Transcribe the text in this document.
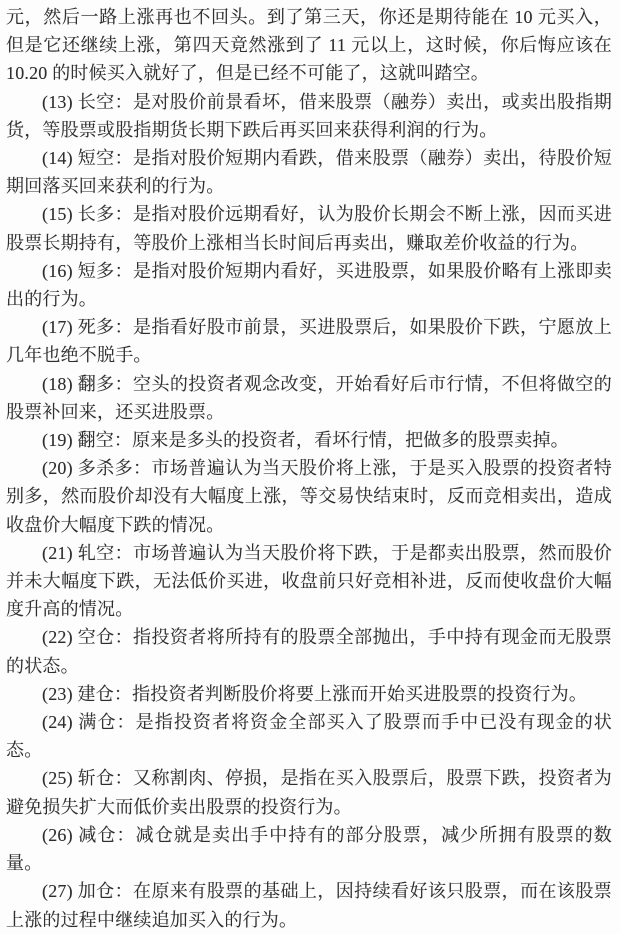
元，然后一路上涨再也不回头。到了第三天，你还是期待能在 10 元买入，但是它还继续上涨，第四天竟然涨到了 11 元以上，这时候，你后悔应该在 10.20 的时候买入就好了，但是已经不可能了，这就叫踏空。

(13) 长空：是对股价前景看坏，借来股票（融券）卖出，或卖出股指期货，等股票或股指期货长期下跌后再买回来获得利润的行为。

(14) 短空：是指对股价短期内看跌，借来股票（融券）卖出，待股价短期回落买回来获利的行为。

(15) 长多：是指对股价远期看好，认为股价长期会不断上涨，因而买进股票长期持有，等股价上涨相当长时间后再卖出，赚取差价收益的行为。

(16) 短多：是指对股价短期内看好，买进股票，如果股价略有上涨即卖出的行为。

(17) 死多：是指看好股市前景，买进股票后，如果股价下跌，宁愿放上几年也绝不脱手。

(18) 翻多：空头的投资者观念改变，开始看好后市行情，不但将做空的股票补回来，还买进股票。

(19) 翻空：原来是多头的投资者，看坏行情，把做多的股票卖掉。

(20) 多杀多：市场普遍认为当天股价将上涨，于是买入股票的投资者特别多，然而股价却没有大幅度上涨，等交易快结束时，反而竞相卖出，造成收盘价大幅度下跌的情况。

(21) 轧空：市场普遍认为当天股价将下跌，于是都卖出股票，然而股价并未大幅度下跌，无法低价买进，收盘前只好竞相补进，反而使收盘价大幅度升高的情况。

(22) 空仓：指投资者将所持有的股票全部抛出，手中持有现金而无股票的状态。

(23) 建仓：指投资者判断股价将要上涨而开始买进股票的投资行为。

(24) 满仓：是指投资者将资金全部买入了股票而手中已没有现金的状态。

(25) 斩仓：又称割肉、停损，是指在买入股票后，股票下跌，投资者为避免损失扩大而低价卖出股票的投资行为。

(26) 减仓：减仓就是卖出手中持有的部分股票，减少所拥有股票的数量。

(27) 加仓：在原来有股票的基础上，因持续看好该只股票，而在该股票上涨的过程中继续追加买入的行为。
